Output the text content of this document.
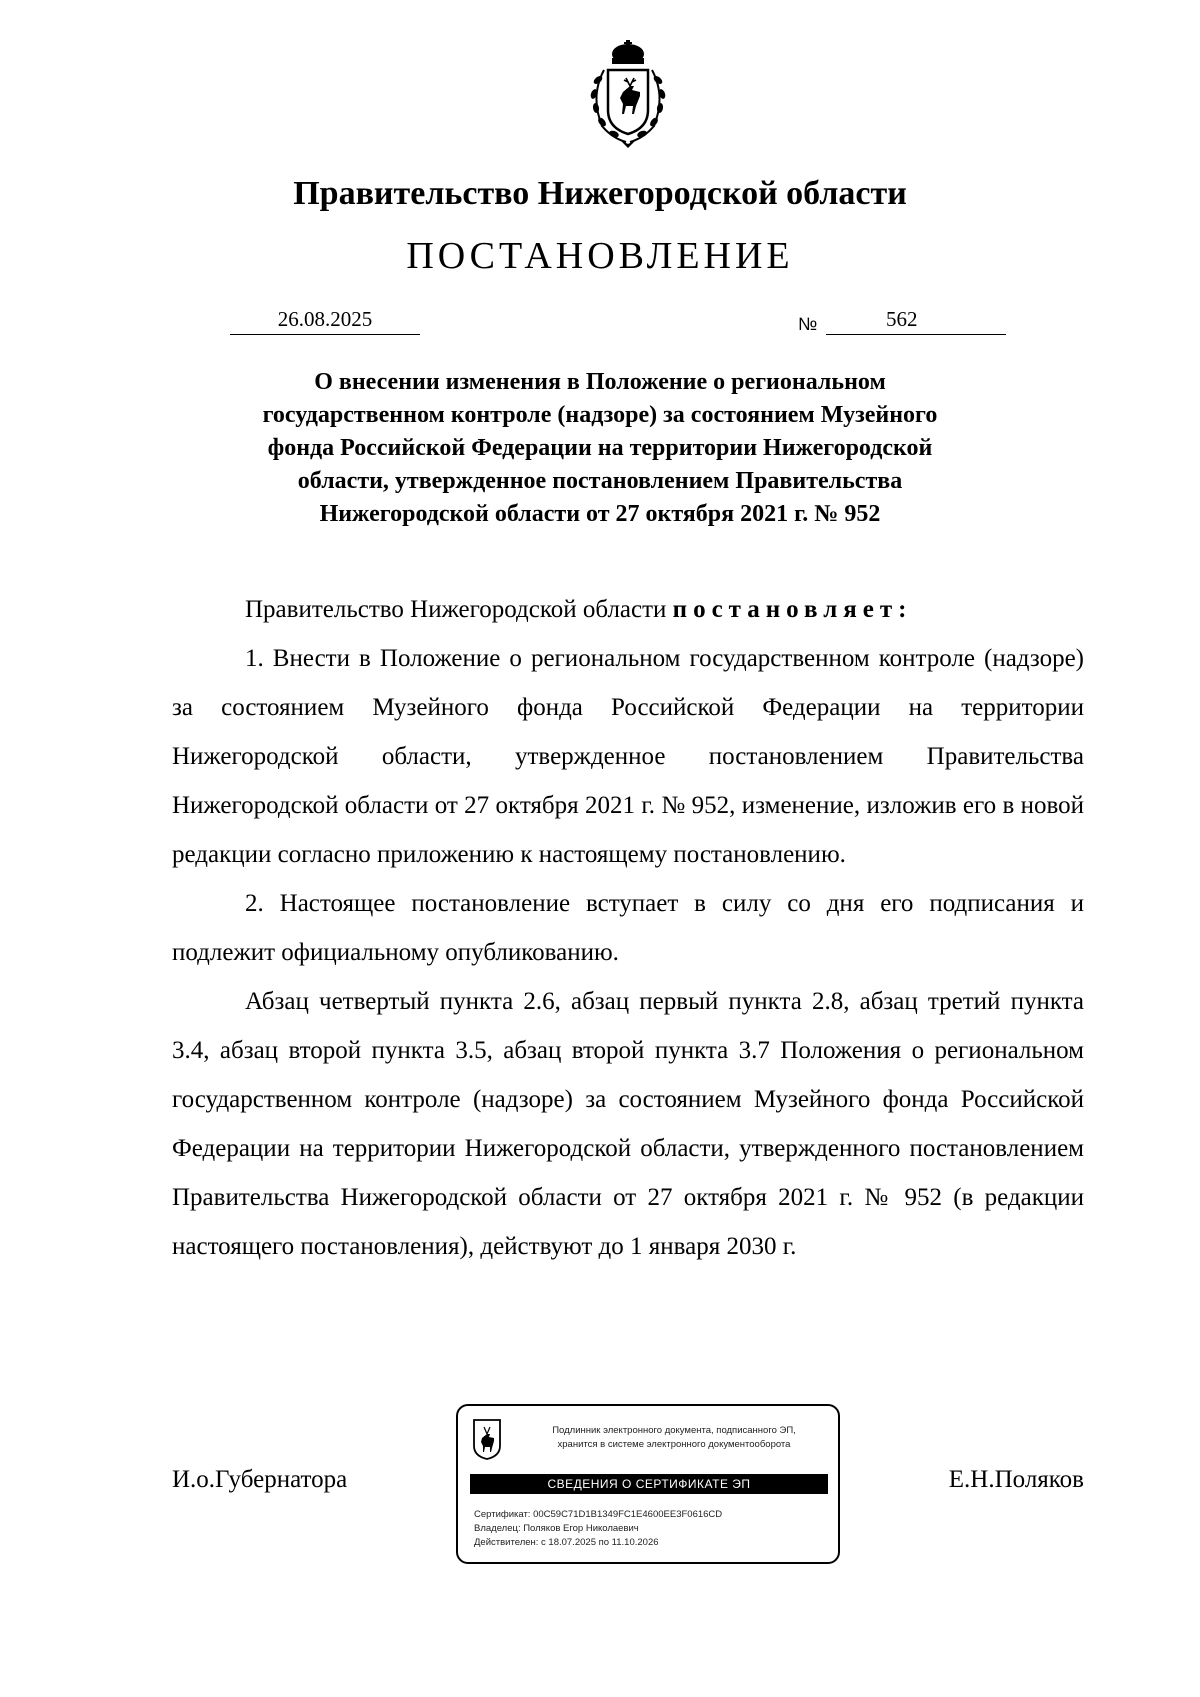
Правительство Нижегородской области
ПОСТАНОВЛЕНИЕ
26.08.2025	№	562
О внесении изменения в Положение о региональном
государственном контроле (надзоре) за состоянием Музейного
фонда Российской Федерации на территории Нижегородской
области, утвержденное постановлением Правительства
Нижегородской области от 27 октября 2021 г. № 952

Правительство Нижегородской области постановляет:

1. Внести в Положение о региональном государственном контроле (надзоре) за состоянием Музейного фонда Российской Федерации на территории Нижегородской области, утвержденное постановлением Правительства Нижегородской области от 27 октября 2021 г. № 952, изменение, изложив его в новой редакции согласно приложению к настоящему постановлению.

2. Настоящее постановление вступает в силу со дня его подписания и подлежит официальному опубликованию.

Абзац четвертый пункта 2.6, абзац первый пункта 2.8, абзац третий пункта 3.4, абзац второй пункта 3.5, абзац второй пункта 3.7 Положения о региональном государственном контроле (надзоре) за состоянием Музейного фонда Российской Федерации на территории Нижегородской области, утвержденного постановлением Правительства Нижегородской области от 27 октября 2021 г. № 952 (в редакции настоящего постановления), действуют до 1 января 2030 г.

И.о.Губернатора	Е.Н.Поляков
Подлинник электронного документа, подписанного ЭП,
хранится в системе электронного документооборота
СВЕДЕНИЯ О СЕРТИФИКАТЕ ЭП
Сертификат: 00C59C71D1B1349FC1E4600EE3F0616CD
Владелец: Поляков Егор Николаевич
Действителен: с 18.07.2025 по 11.10.2026
